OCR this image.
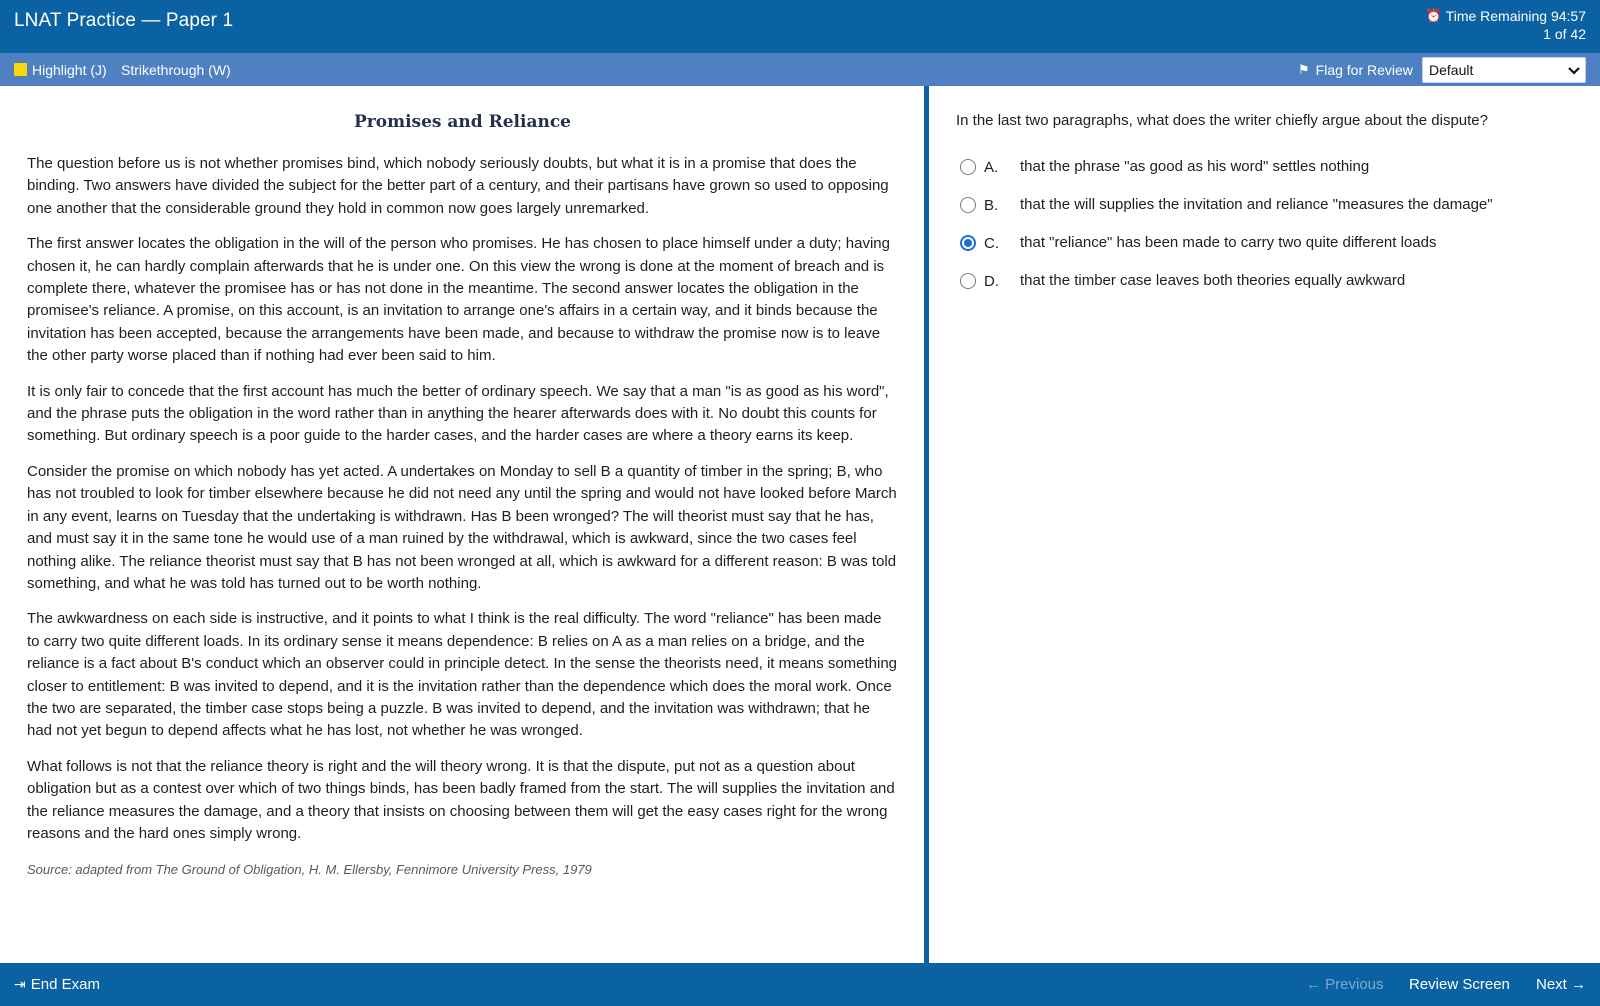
LNAT Practice — Paper 1	⏰ Time Remaining 94:57
1 of 42
Highlight (J) Strikethrough (W)	⚑ Flag for Review
Default
Promises and Reliance

The question before us is not whether promises bind, which nobody seriously doubts, but what it is in a promise that does the binding. Two answers have divided the subject for the better part of a century, and their partisans have grown so used to opposing one another that the considerable ground they hold in common now goes largely unremarked.

The first answer locates the obligation in the will of the person who promises. He has chosen to place himself under a duty; having chosen it, he can hardly complain afterwards that he is under one. On this view the wrong is done at the moment of breach and is complete there, whatever the promisee has or has not done in the meantime. The second answer locates the obligation in the promisee's reliance. A promise, on this account, is an invitation to arrange one's affairs in a certain way, and it binds because the invitation has been accepted, because the arrangements have been made, and because to withdraw the promise now is to leave the other party worse placed than if nothing had ever been said to him.

It is only fair to concede that the first account has much the better of ordinary speech. We say that a man "is as good as his word", and the phrase puts the obligation in the word rather than in anything the hearer afterwards does with it. No doubt this counts for something. But ordinary speech is a poor guide to the harder cases, and the harder cases are where a theory earns its keep.

Consider the promise on which nobody has yet acted. A undertakes on Monday to sell B a quantity of timber in the spring; B, who has not troubled to look for timber elsewhere because he did not need any until the spring and would not have looked before March in any event, learns on Tuesday that the undertaking is withdrawn. Has B been wronged? The will theorist must say that he has, and must say it in the same tone he would use of a man ruined by the withdrawal, which is awkward, since the two cases feel nothing alike. The reliance theorist must say that B has not been wronged at all, which is awkward for a different reason: B was told something, and what he was told has turned out to be worth nothing.

The awkwardness on each side is instructive, and it points to what I think is the real difficulty. The word "reliance" has been made to carry two quite different loads. In its ordinary sense it means dependence: B relies on A as a man relies on a bridge, and the reliance is a fact about B's conduct which an observer could in principle detect. In the sense the theorists need, it means something closer to entitlement: B was invited to depend, and it is the invitation rather than the dependence which does the moral work. Once the two are separated, the timber case stops being a puzzle. B was invited to depend, and the invitation was withdrawn; that he had not yet begun to depend affects what he has lost, not whether he was wronged.

What follows is not that the reliance theory is right and the will theory wrong. It is that the dispute, put not as a question about obligation but as a contest over which of two things binds, has been badly framed from the start. The will supplies the invitation and the reliance measures the damage, and a theory that insists on choosing between them will get the easy cases right for the wrong reasons and the hard ones simply wrong.

Source: adapted from The Ground of Obligation, H. M. Ellersby, Fennimore University Press, 1979

In the last two paragraphs, what does the writer chiefly argue about the dispute?
A.	that the phrase "as good as his word" settles nothing
B.	that the will supplies the invitation and reliance "measures the damage"
C.	that "reliance" has been made to carry two quite different loads
D.	that the timber case leaves both theories equally awkward
⇥ End Exam	← Previous Review Screen Next →
